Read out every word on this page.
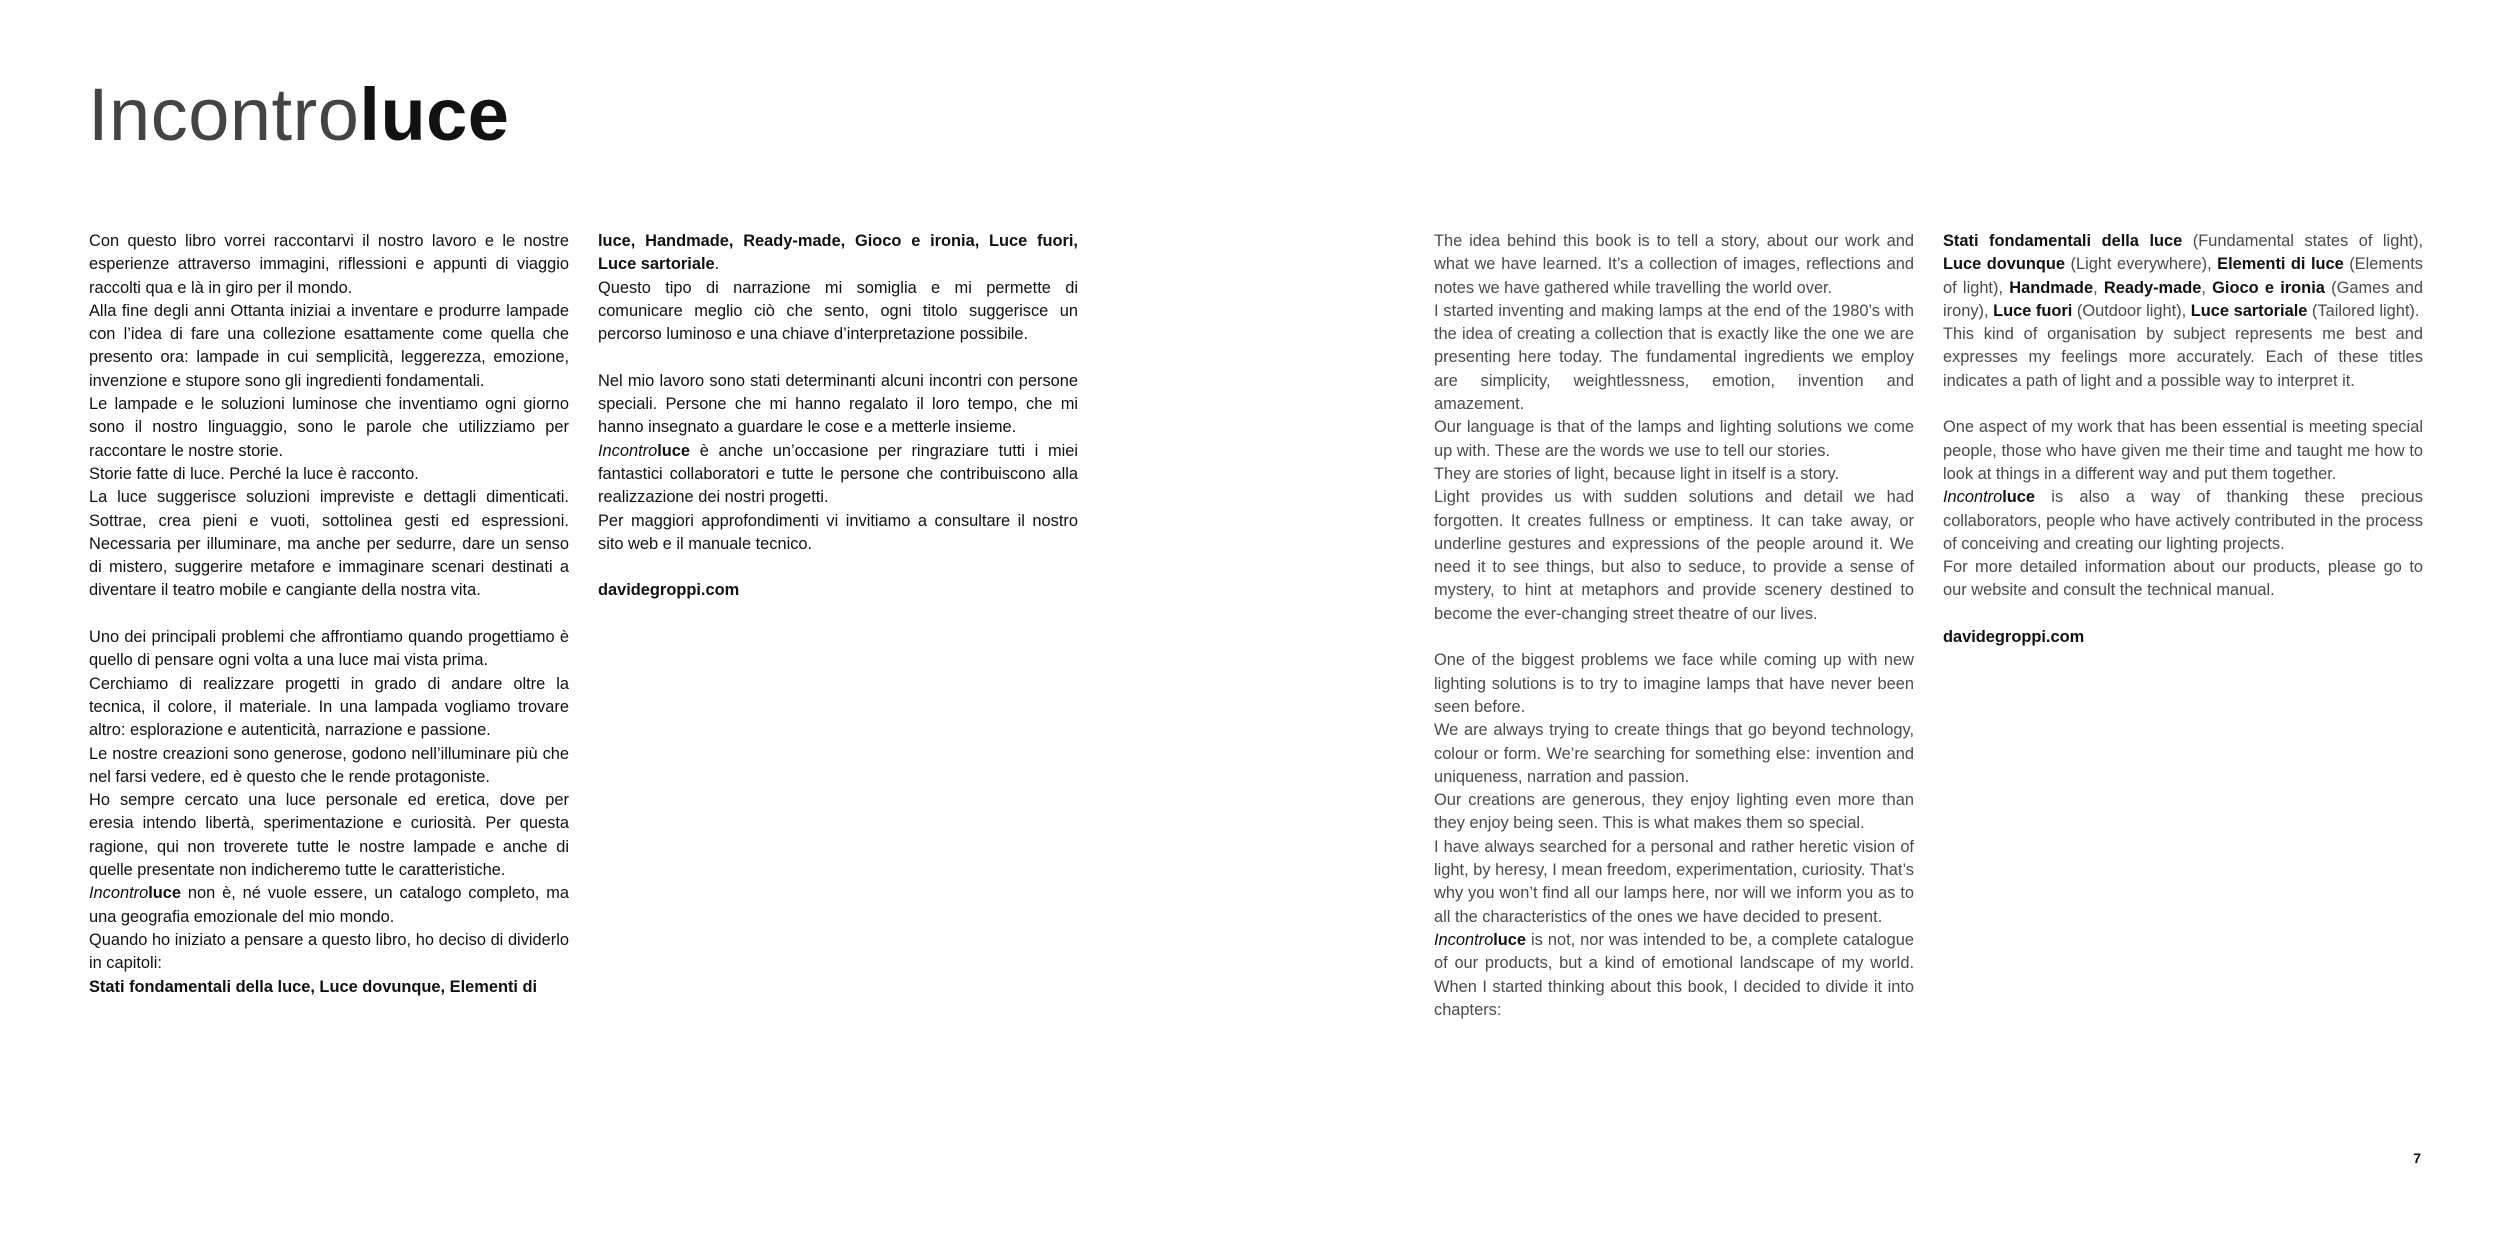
Incontroluce

Con questo libro vorrei raccontarvi il nostro lavoro e le nostre esperienze attraverso immagini, riflessioni e appunti di viaggio raccolti qua e là in giro per il mondo.

Alla fine degli anni Ottanta iniziai a inventare e produrre lampade con l’idea di fare una collezione esattamente come quella che presento ora: lampade in cui semplicità, leggerezza, emozione, invenzione e stupore sono gli ingredienti fondamentali.

Le lampade e le soluzioni luminose che inventiamo ogni giorno sono il nostro linguaggio, sono le parole che utilizziamo per raccontare le nostre storie.

Storie fatte di luce. Perché la luce è racconto.

La luce suggerisce soluzioni impreviste e dettagli dimenticati. Sottrae, crea pieni e vuoti, sottolinea gesti ed espressioni. Necessaria per illuminare, ma anche per sedurre, dare un senso di mistero, suggerire metafore e immaginare scenari destinati a diventare il teatro mobile e cangiante della nostra vita.

Uno dei principali problemi che affrontiamo quando progettiamo è quello di pensare ogni volta a una luce mai vista prima.

Cerchiamo di realizzare progetti in grado di andare oltre la tecnica, il colore, il materiale. In una lampada vogliamo trovare altro: esplorazione e autenticità, narrazione e passione.

Le nostre creazioni sono generose, godono nell’illuminare più che nel farsi vedere, ed è questo che le rende protagoniste.

Ho sempre cercato una luce personale ed eretica, dove per eresia intendo libertà, sperimentazione e curiosità. Per questa ragione, qui non troverete tutte le nostre lampade e anche di quelle presentate non indicheremo tutte le caratteristiche.

Incontroluce non è, né vuole essere, un catalogo completo, ma una geografia emozionale del mio mondo.

Quando ho iniziato a pensare a questo libro, ho deciso di dividerlo in capitoli:

Stati fondamentali della luce, Luce dovunque, Elementi di

luce, Handmade, Ready-made, Gioco e ironia, Luce fuori, Luce sartoriale.

Questo tipo di narrazione mi somiglia e mi permette di comunicare meglio ciò che sento, ogni titolo suggerisce un percorso luminoso e una chiave d’interpretazione possibile.

Nel mio lavoro sono stati determinanti alcuni incontri con persone speciali. Persone che mi hanno regalato il loro tempo, che mi hanno insegnato a guardare le cose e a metterle insieme.

Incontroluce è anche un’occasione per ringraziare tutti i miei fantastici collaboratori e tutte le persone che contribuiscono alla realizzazione dei nostri progetti.

Per maggiori approfondimenti vi invitiamo a consultare il nostro sito web e il manuale tecnico.

davidegroppi.com

The idea behind this book is to tell a story, about our work and what we have learned. It’s a collection of images, reflections and notes we have gathered while travelling the world over.

I started inventing and making lamps at the end of the 1980’s with the idea of creating a collection that is exactly like the one we are presenting here today. The fundamental ingredients we employ are simplicity, weightlessness, emotion, invention and amazement.

Our language is that of the lamps and lighting solutions we come up with. These are the words we use to tell our stories.

They are stories of light, because light in itself is a story.

Light provides us with sudden solutions and detail we had forgotten. It creates fullness or emptiness. It can take away, or underline gestures and expressions of the people around it. We need it to see things, but also to seduce, to provide a sense of mystery, to hint at metaphors and provide scenery destined to become the ever-changing street theatre of our lives.

One of the biggest problems we face while coming up with new lighting solutions is to try to imagine lamps that have never been seen before.

We are always trying to create things that go beyond technology, colour or form. We’re searching for something else: invention and uniqueness, narration and passion.

Our creations are generous, they enjoy lighting even more than they enjoy being seen. This is what makes them so special.

I have always searched for a personal and rather heretic vision of light, by heresy, I mean freedom, experimentation, curiosity. That’s why you won’t find all our lamps here, nor will we inform you as to all the characteristics of the ones we have decided to present.

Incontroluce is not, nor was intended to be, a complete catalogue of our products, but a kind of emotional landscape of my world. When I started thinking about this book, I decided to divide it into chapters:

Stati fondamentali della luce (Fundamental states of light), Luce dovunque (Light everywhere), Elementi di luce (Elements of light), Handmade, Ready-made, Gioco e ironia (Games and irony), Luce fuori (Outdoor light), Luce sartoriale (Tailored light).

This kind of organisation by subject represents me best and expresses my feelings more accurately. Each of these titles indicates a path of light and a possible way to interpret it.

One aspect of my work that has been essential is meeting special people, those who have given me their time and taught me how to look at things in a different way and put them together.

Incontroluce is also a way of thanking these precious collaborators, people who have actively contributed in the process of conceiving and creating our lighting projects.

For more detailed information about our products, please go to our website and consult the technical manual.

davidegroppi.com

7
